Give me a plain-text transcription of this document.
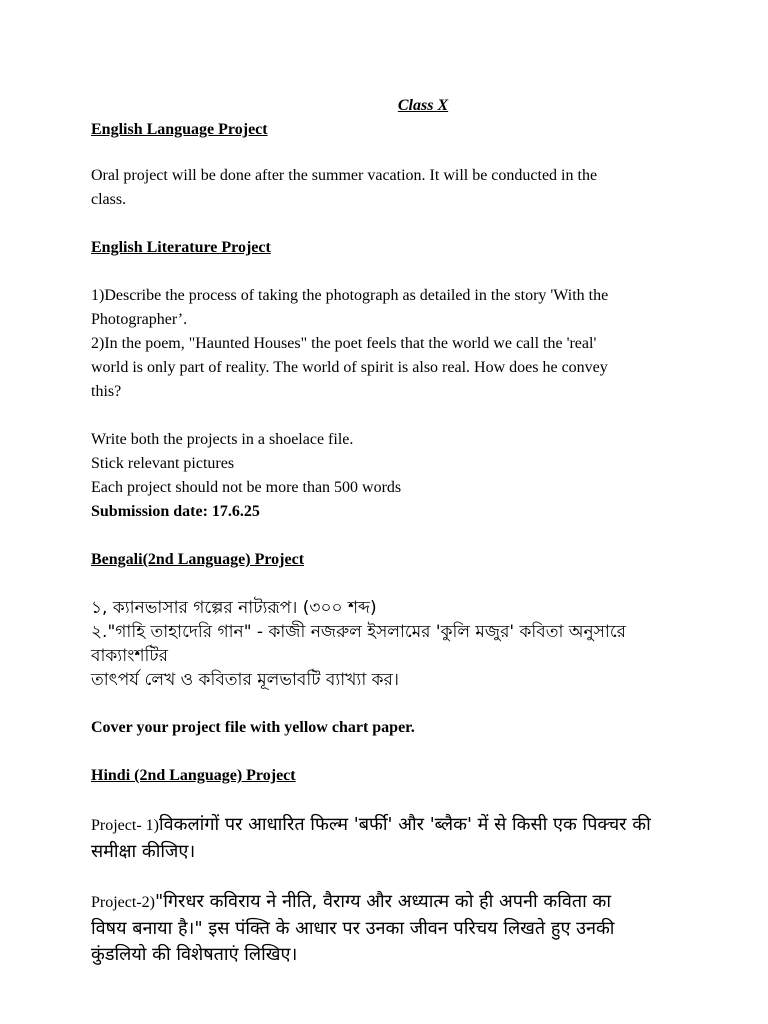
Class X
English Language Project
Oral project will be done after the summer vacation. It will be conducted in the
class.
English Literature Project
1)Describe the process of taking the photograph as detailed in the story 'With the
Photographer’.
2)In the poem, "Haunted Houses" the poet feels that the world we call the 'real'
world is only part of reality. The world of spirit is also real. How does he convey
this?
Write both the projects in a shoelace file.
Stick relevant pictures
Each project should not be more than 500 words
Submission date: 17.6.25
Bengali(2nd Language) Project
১, ক্যানভাসার গল্পের নাট্যরূপ। (৩০০ শব্দ)
২."গাহি তাহাদেরি গান" - কাজী নজরুল ইসলামের 'কুলি মজুর' কবিতা অনুসারে বাক্যাংশটির
তাৎপর্য লেখ ও কবিতার মূলভাবটি ব্যাখ্যা কর।
Cover your project file with yellow chart paper.
Hindi (2nd Language) Project
Project- 1)विकलांगों पर आधारित फिल्म 'बर्फी' और 'ब्लैक' में से किसी एक पिक्चर की
समीक्षा कीजिए।
Project-2)"गिरधर कविराय ने नीति, वैराग्य और अध्यात्म को ही अपनी कविता का
विषय बनाया है।" इस पंक्ति के आधार पर उनका जीवन परिचय लिखते हुए उनकी
कुंडलियो की विशेषताएं लिखिए।
